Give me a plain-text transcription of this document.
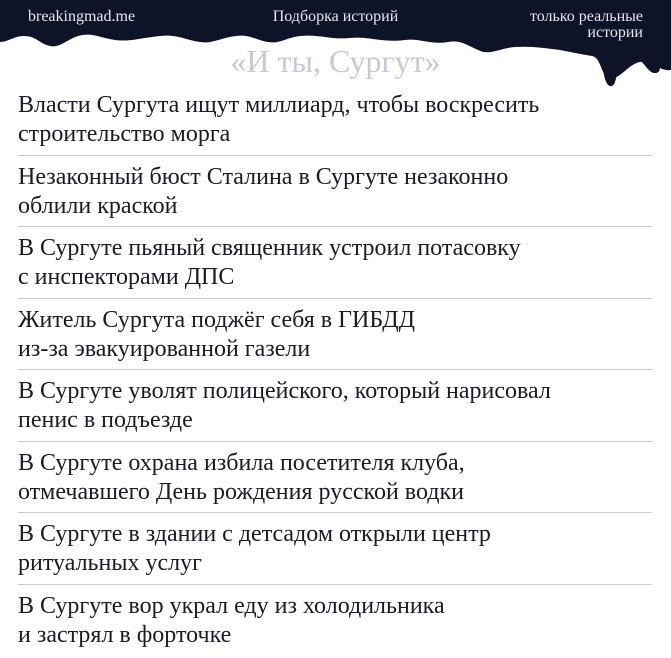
breakingmad.me	Подборка историй	только реальные
истории
«И ты, Сургут»
Власти Сургута ищут миллиард, чтобы воскресить
строительство морга
Незаконный бюст Сталина в Сургуте незаконно
облили краской
В Сургуте пьяный священник устроил потасовку
с инспекторами ДПС
Житель Сургута поджёг себя в ГИБДД
из-за эвакуированной газели
В Сургуте уволят полицейского, который нарисовал
пенис в подъезде
В Сургуте охрана избила посетителя клуба,
отмечавшего День рождения русской водки
В Сургуте в здании с детсадом открыли центр
ритуальных услуг
В Сургуте вор украл еду из холодильника
и застрял в форточке
